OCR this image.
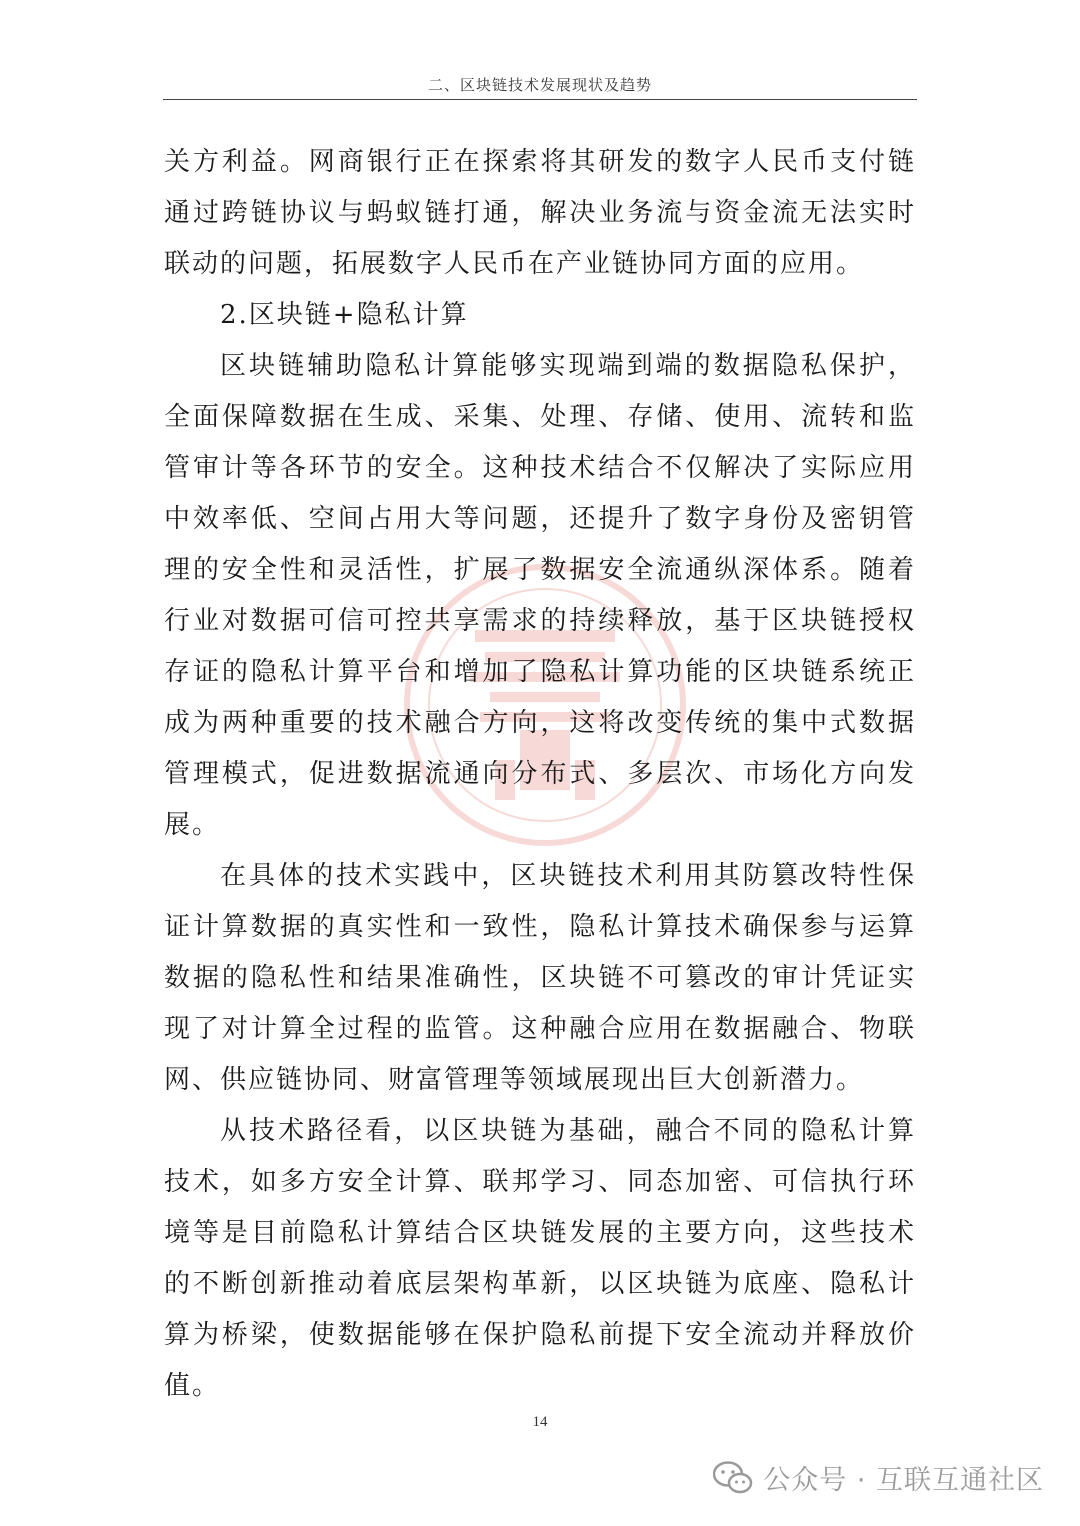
二、区块链技术发展现状及趋势

关方利益。网商银行正在探索将其研发的数字人民币支付链通过跨链协议与蚂蚁链打通，解决业务流与资金流无法实时联动的问题，拓展数字人民币在产业链协同方面的应用。

2.区块链+隐私计算

区块链辅助隐私计算能够实现端到端的数据隐私保护，全面保障数据在生成、采集、处理、存储、使用、流转和监管审计等各环节的安全。这种技术结合不仅解决了实际应用中效率低、空间占用大等问题，还提升了数字身份及密钥管理的安全性和灵活性，扩展了数据安全流通纵深体系。随着行业对数据可信可控共享需求的持续释放，基于区块链授权存证的隐私计算平台和增加了隐私计算功能的区块链系统正成为两种重要的技术融合方向，这将改变传统的集中式数据管理模式，促进数据流通向分布式、多层次、市场化方向发展。

在具体的技术实践中，区块链技术利用其防篡改特性保证计算数据的真实性和一致性，隐私计算技术确保参与运算数据的隐私性和结果准确性，区块链不可篡改的审计凭证实现了对计算全过程的监管。这种融合应用在数据融合、物联网、供应链协同、财富管理等领域展现出巨大创新潜力。

从技术路径看，以区块链为基础，融合不同的隐私计算技术，如多方安全计算、联邦学习、同态加密、可信执行环境等是目前隐私计算结合区块链发展的主要方向，这些技术的不断创新推动着底层架构革新，以区块链为底座、隐私计算为桥梁，使数据能够在保护隐私前提下安全流动并释放价值。

14
公众号 · 互联互通社区
